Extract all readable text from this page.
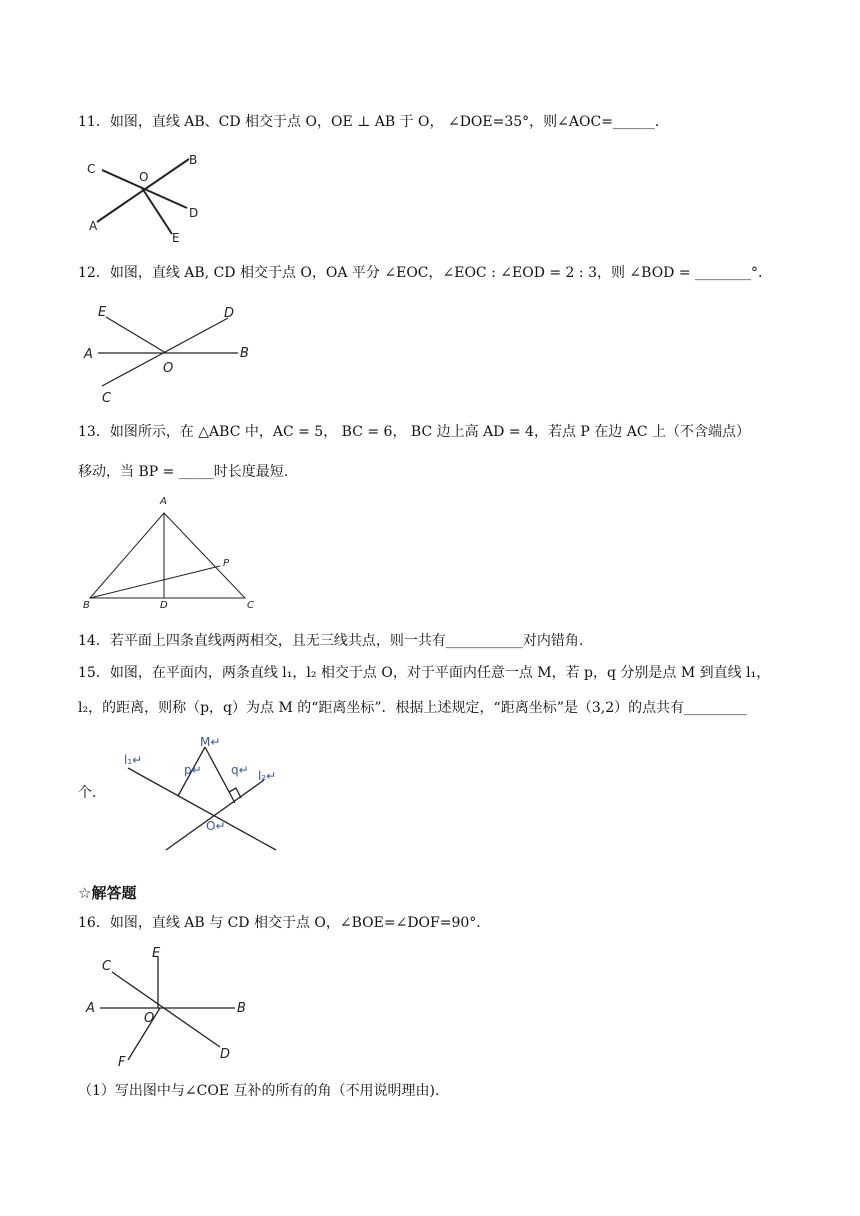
11．如图，直线 AB、CD 相交于点 O，OE ⊥ AB 于 O， ∠DOE=35°，则∠AOC=______．
C
B
O
D
A
E
12．如图，直线 AB, CD 相交于点 O，OA 平分 ∠EOC，∠EOC : ∠EOD = 2 : 3，则 ∠BOD = ________°.
E	D
A	B
O
C
13．如图所示，在 △ABC 中，AC = 5， BC = 6， BC 边上高 AD = 4，若点 P 在边 AC 上（不含端点）
移动，当 BP = _____时长度最短.
A
P
B	D	C
14．若平面上四条直线两两相交，且无三线共点，则一共有___________对内错角.
15．如图，在平面内，两条直线 l₁，l₂ 相交于点 O，对于平面内任意一点 M，若 p，q 分别是点 M 到直线 l₁，
l₂，的距离，则称（p，q）为点 M 的“距离坐标”．根据上述规定，“距离坐标”是（3,2）的点共有_________
个.
l₁↵
M↵
p↵ q↵ l₂↵
O↵
☆解答题
16．如图，直线 AB 与 CD 相交于点 O，∠BOE=∠DOF=90°．
E
C
A	B
O
D
F
（1）写出图中与∠COE 互补的所有的角（不用说明理由)．
